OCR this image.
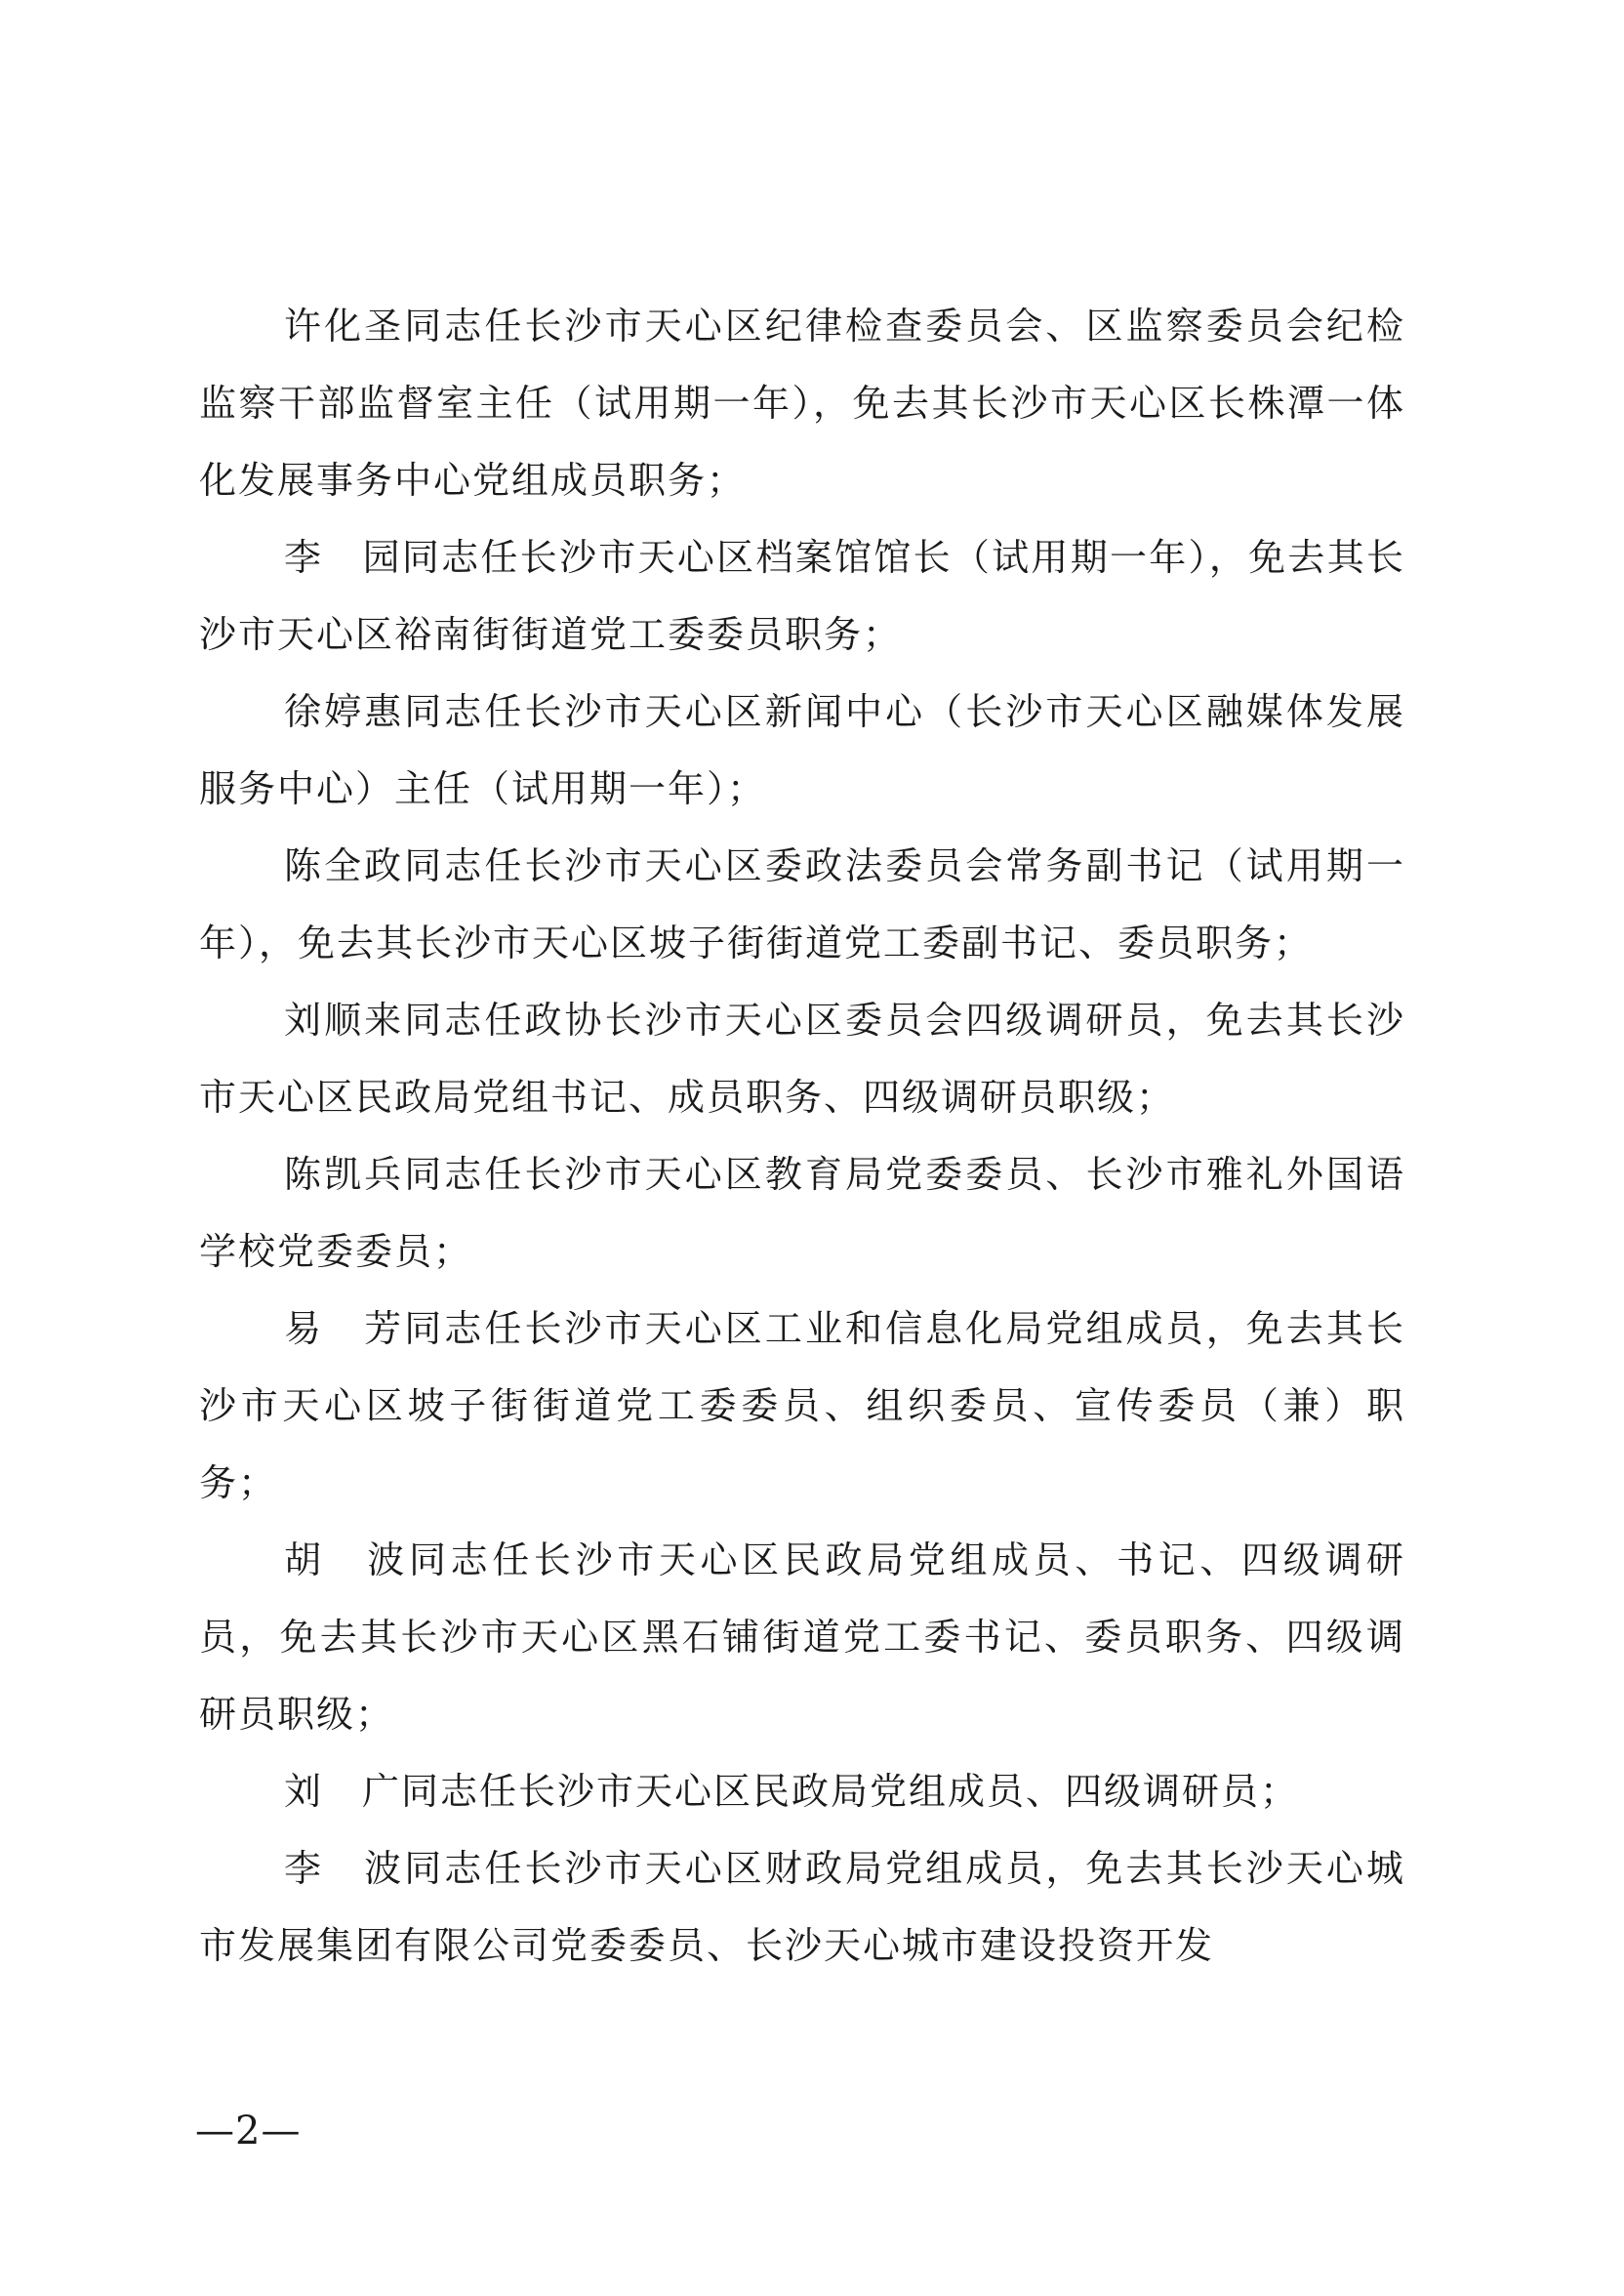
许化圣同志任长沙市天心区纪律检查委员会、区监察委员会纪检监察干部监督室主任（试用期一年），免去其长沙市天心区长株潭一体化发展事务中心党组成员职务；

李　园同志任长沙市天心区档案馆馆长（试用期一年），免去其长沙市天心区裕南街街道党工委委员职务；

徐婷惠同志任长沙市天心区新闻中心（长沙市天心区融媒体发展服务中心）主任（试用期一年）；

陈全政同志任长沙市天心区委政法委员会常务副书记（试用期一年），免去其长沙市天心区坡子街街道党工委副书记、委员职务；

刘顺来同志任政协长沙市天心区委员会四级调研员，免去其长沙市天心区民政局党组书记、成员职务、四级调研员职级；

陈凯兵同志任长沙市天心区教育局党委委员、长沙市雅礼外国语学校党委委员；

易　芳同志任长沙市天心区工业和信息化局党组成员，免去其长沙市天心区坡子街街道党工委委员、组织委员、宣传委员（兼）职务；

胡　波同志任长沙市天心区民政局党组成员、书记、四级调研员，免去其长沙市天心区黑石铺街道党工委书记、委员职务、四级调研员职级；

刘　广同志任长沙市天心区民政局党组成员、四级调研员；

李　波同志任长沙市天心区财政局党组成员，免去其长沙天心城市发展集团有限公司党委委员、长沙天心城市建设投资开发

—2—
